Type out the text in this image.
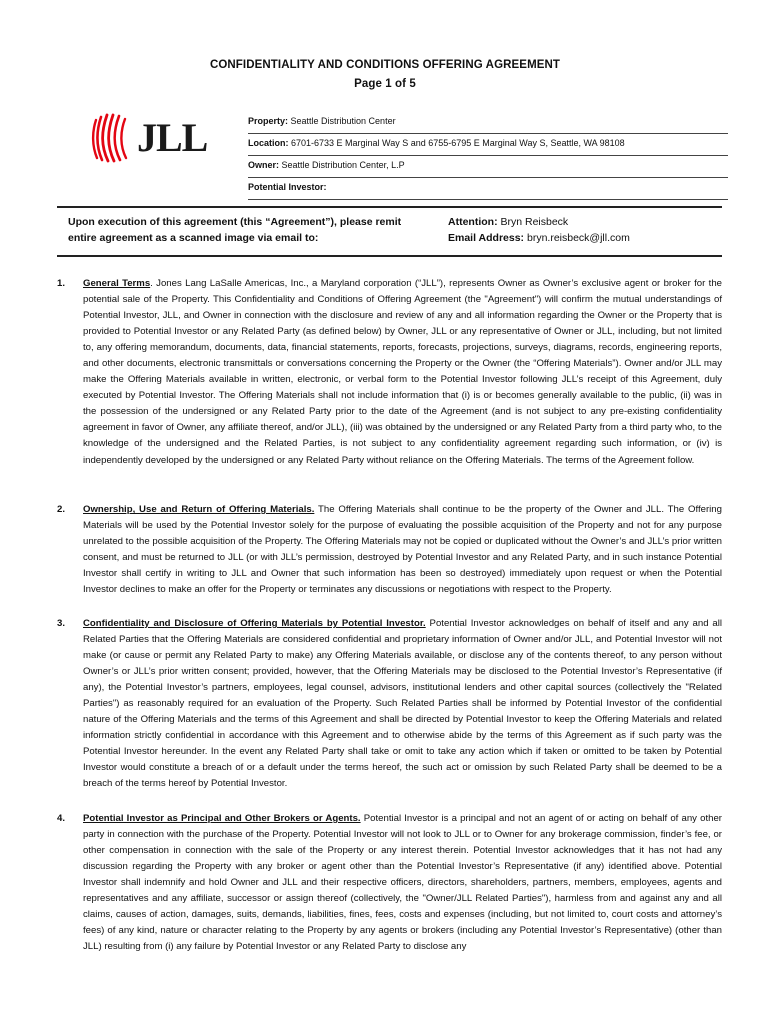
CONFIDENTIALITY AND CONDITIONS OFFERING AGREEMENT
Page 1 of 5
JLL	Property: Seattle Distribution Center
Location: 6701-6733 E Marginal Way S and 6755-6795 E Marginal Way S, Seattle, WA 98108
Owner: Seattle Distribution Center, L.P
Potential Investor:
Upon execution of this agreement (this “Agreement”), please remit entire agreement as a scanned image via email to:
Attention: Bryn Reisbeck
Email Address: bryn.reisbeck@jll.com
1. General Terms. Jones Lang LaSalle Americas, Inc., a Maryland corporation (“JLL”), represents Owner as Owner’s exclusive agent or broker for the potential sale of the Property. This Confidentiality and Conditions of Offering Agreement (the "Agreement") will confirm the mutual understandings of Potential Investor, JLL, and Owner in connection with the disclosure and review of any and all information regarding the Owner or the Property that is provided to Potential Investor or any Related Party (as defined below) by Owner, JLL or any representative of Owner or JLL, including, but not limited to, any offering memorandum, documents, data, financial statements, reports, forecasts, projections, surveys, diagrams, records, engineering reports, and other documents, electronic transmittals or conversations concerning the Property or the Owner (the “Offering Materials”). Owner and/or JLL may make the Offering Materials available in written, electronic, or verbal form to the Potential Investor following JLL’s receipt of this Agreement, duly executed by Potential Investor. The Offering Materials shall not include information that (i) is or becomes generally available to the public, (ii) was in the possession of the undersigned or any Related Party prior to the date of the Agreement (and is not subject to any pre-existing confidentiality agreement in favor of Owner, any affiliate thereof, and/or JLL), (iii) was obtained by the undersigned or any Related Party from a third party who, to the knowledge of the undersigned and the Related Parties, is not subject to any confidentiality agreement regarding such information, or (iv) is independently developed by the undersigned or any Related Party without reliance on the Offering Materials. The terms of the Agreement follow.
2. Ownership, Use and Return of Offering Materials. The Offering Materials shall continue to be the property of the Owner and JLL. The Offering Materials will be used by the Potential Investor solely for the purpose of evaluating the possible acquisition of the Property and not for any purpose unrelated to the possible acquisition of the Property. The Offering Materials may not be copied or duplicated without the Owner’s and JLL’s prior written consent, and must be returned to JLL (or with JLL’s permission, destroyed by Potential Investor and any Related Party, and in such instance Potential Investor shall certify in writing to JLL and Owner that such information has been so destroyed) immediately upon request or when the Potential Investor declines to make an offer for the Property or terminates any discussions or negotiations with respect to the Property.
3. Confidentiality and Disclosure of Offering Materials by Potential Investor. Potential Investor acknowledges on behalf of itself and any and all Related Parties that the Offering Materials are considered confidential and proprietary information of Owner and/or JLL, and Potential Investor will not make (or cause or permit any Related Party to make) any Offering Materials available, or disclose any of the contents thereof, to any person without Owner’s or JLL’s prior written consent; provided, however, that the Offering Materials may be disclosed to the Potential Investor’s Representative (if any), the Potential Investor’s partners, employees, legal counsel, advisors, institutional lenders and other capital sources (collectively the "Related Parties") as reasonably required for an evaluation of the Property. Such Related Parties shall be informed by Potential Investor of the confidential nature of the Offering Materials and the terms of this Agreement and shall be directed by Potential Investor to keep the Offering Materials and related information strictly confidential in accordance with this Agreement and to otherwise abide by the terms of this Agreement as if such party was the Potential Investor hereunder. In the event any Related Party shall take or omit to take any action which if taken or omitted to be taken by Potential Investor would constitute a breach of or a default under the terms hereof, the such act or omission by such Related Party shall be deemed to be a breach of the terms hereof by Potential Investor.
4. Potential Investor as Principal and Other Brokers or Agents. Potential Investor is a principal and not an agent of or acting on behalf of any other party in connection with the purchase of the Property. Potential Investor will not look to JLL or to Owner for any brokerage commission, finder’s fee, or other compensation in connection with the sale of the Property or any interest therein. Potential Investor acknowledges that it has not had any discussion regarding the Property with any broker or agent other than the Potential Investor’s Representative (if any) identified above. Potential Investor shall indemnify and hold Owner and JLL and their respective officers, directors, shareholders, partners, members, employees, agents and representatives and any affiliate, successor or assign thereof (collectively, the "Owner/JLL Related Parties"), harmless from and against any and all claims, causes of action, damages, suits, demands, liabilities, fines, fees, costs and expenses (including, but not limited to, court costs and attorney’s fees) of any kind, nature or character relating to the Property by any agents or brokers (including any Potential Investor’s Representative) (other than JLL) resulting from (i) any failure by Potential Investor or any Related Party to disclose any
